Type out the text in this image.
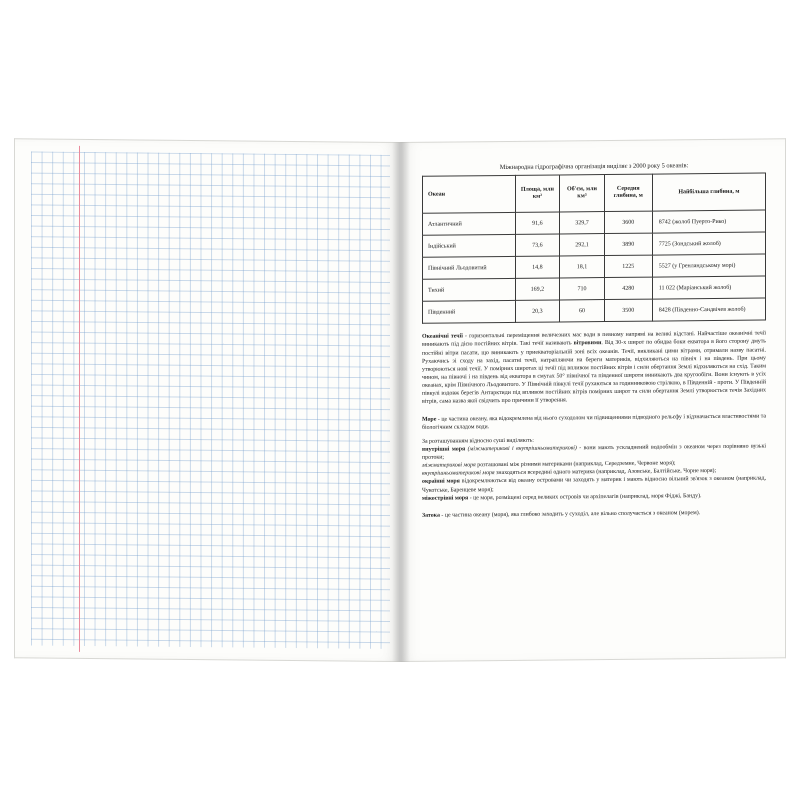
Міжнародна гідрографічна організація виділяє з 2000 року 5 океанів:
Океан	Площа, млн км²	Об'єм, млн км³	Середня глибина, м	Найбільша глибина, м
Атлантичний	91,6	329,7	3600	8742 (жолоб Пуерто-Рико)
Індійський	73,6	292,1	3890	7725 (Зондський жолоб)
Північний Льодовитий	14,8	18,1	1225	5527 (у Гренландському морі)
Тихий	169,2	710	4280	11 022 (Маріанський жолоб)
Південний	20,3	60	3500	8428 (Південно-Сандвічев жолоб)

Океанічні течії - горизонтальні переміщення величезних мас води в певному напрямі на великі відстані. Найчастіше океанічні течії виникають під дією постійних вітрів. Такі течії називають вітровими. Від 30-х широт по обидва боки екватора в його сторону дмуть постійні вітри пасати, що виникають у приекваторіальній зоні всіх океанів. Течії, викликані цими вітрами, отримали назву пасатні. Рухаючись зі сходу на захід, пасатні течії, натрапляючи на береги материків, відхиляються на північ і на південь. При цьому утворюються нові течії. У помірних широтах ці течії під впливом постійних вітрів і сили обертання Землі відхиляються на схід. Таким чином, на півночі і на південь від екватора в смугах 50° північної та південної широти виникають два кругообіги. Вони існують в усіх океанах, крім Північного Льодовитого. У Північній півкулі течії рухаються за годинниковою стрілкою, в Південній - проти. У Південній півкулі вздовж берегів Антарктиди під впливом постійних вітрів помірних широт та сили обертання Землі утворюється течія Західних вітрів, сама назва якої свідчить про причини її утворення.

Море - це частина океану, яка відокремлена від нього суходолом чи підвищеннями підводного рельєфу і відзначається властивостями та біологічним складом води.

За розташуванням відносно суші виділяють:
внутрішні моря (міжматерикові і внутрішньоматерикові) - вони мають ускладнений водообмін з океаном через порівняно вузькі протоки;
міжматерикові моря розташовані між різними материками (наприклад, Середземне, Червоне моря);
внутрішньоматерикові моря знаходяться всередині одного материка (наприклад, Азовське, Балтійське, Чорне моря);
окраїнні моря відокремлюються від океану островами чи заходять у материк і мають відносно вільний зв'язок з океаном (наприклад, Чукотське, Баренцеве моря);
міжострівні моря - це моря, розміщені серед великих островів чи архіпелагів (наприклад, моря Фіджі, Банду).

Затока - це частина океану (моря), яка глибоко заходить у суходіл, але вільно сполучається з океаном (морем).
